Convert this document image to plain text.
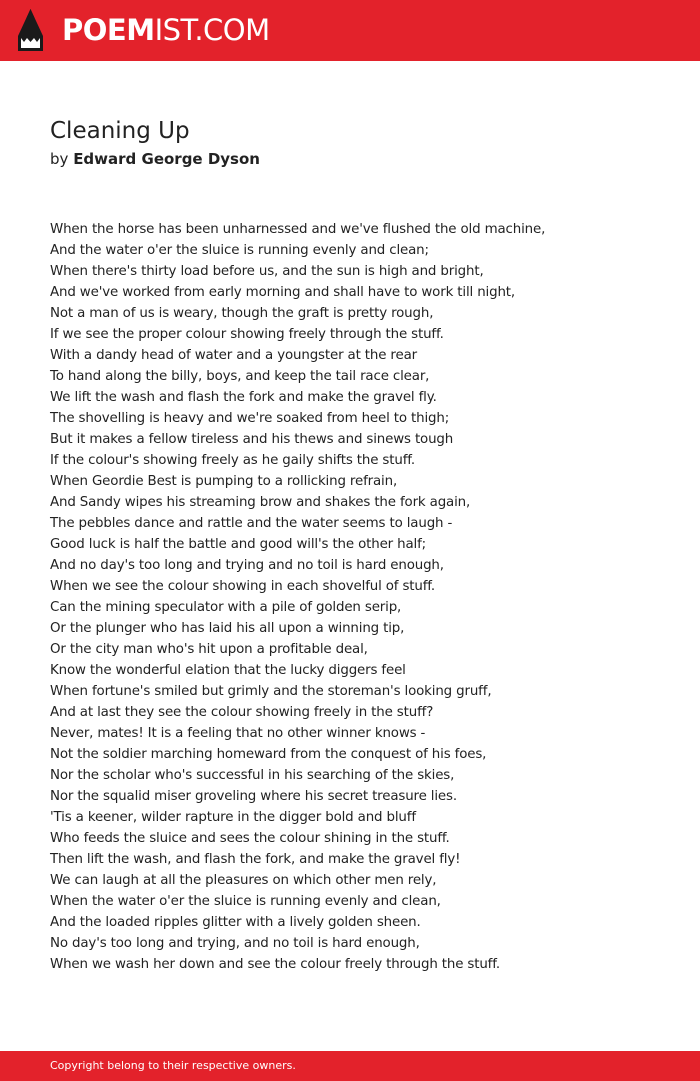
POEMIST.COM
Cleaning Up
by Edward George Dyson
When the horse has been unharnessed and we've flushed the old machine,
And the water o'er the sluice is running evenly and clean;
When there's thirty load before us, and the sun is high and bright,
And we've worked from early morning and shall have to work till night,
Not a man of us is weary, though the graft is pretty rough,
If we see the proper colour showing freely through the stuff.
With a dandy head of water and a youngster at the rear
To hand along the billy, boys, and keep the tail race clear,
We lift the wash and flash the fork and make the gravel fly.
The shovelling is heavy and we're soaked from heel to thigh;
But it makes a fellow tireless and his thews and sinews tough
If the colour's showing freely as he gaily shifts the stuff.
When Geordie Best is pumping to a rollicking refrain,
And Sandy wipes his streaming brow and shakes the fork again,
The pebbles dance and rattle and the water seems to laugh -
Good luck is half the battle and good will's the other half;
And no day's too long and trying and no toil is hard enough,
When we see the colour showing in each shovelful of stuff.
Can the mining speculator with a pile of golden serip,
Or the plunger who has laid his all upon a winning tip,
Or the city man who's hit upon a profitable deal,
Know the wonderful elation that the lucky diggers feel
When fortune's smiled but grimly and the storeman's looking gruff,
And at last they see the colour showing freely in the stuff?
Never, mates! It is a feeling that no other winner knows -
Not the soldier marching homeward from the conquest of his foes,
Nor the scholar who's successful in his searching of the skies,
Nor the squalid miser groveling where his secret treasure lies.
'Tis a keener, wilder rapture in the digger bold and bluff
Who feeds the sluice and sees the colour shining in the stuff.
Then lift the wash, and flash the fork, and make the gravel fly!
We can laugh at all the pleasures on which other men rely,
When the water o'er the sluice is running evenly and clean,
And the loaded ripples glitter with a lively golden sheen.
No day's too long and trying, and no toil is hard enough,
When we wash her down and see the colour freely through the stuff.
Copyright belong to their respective owners.
